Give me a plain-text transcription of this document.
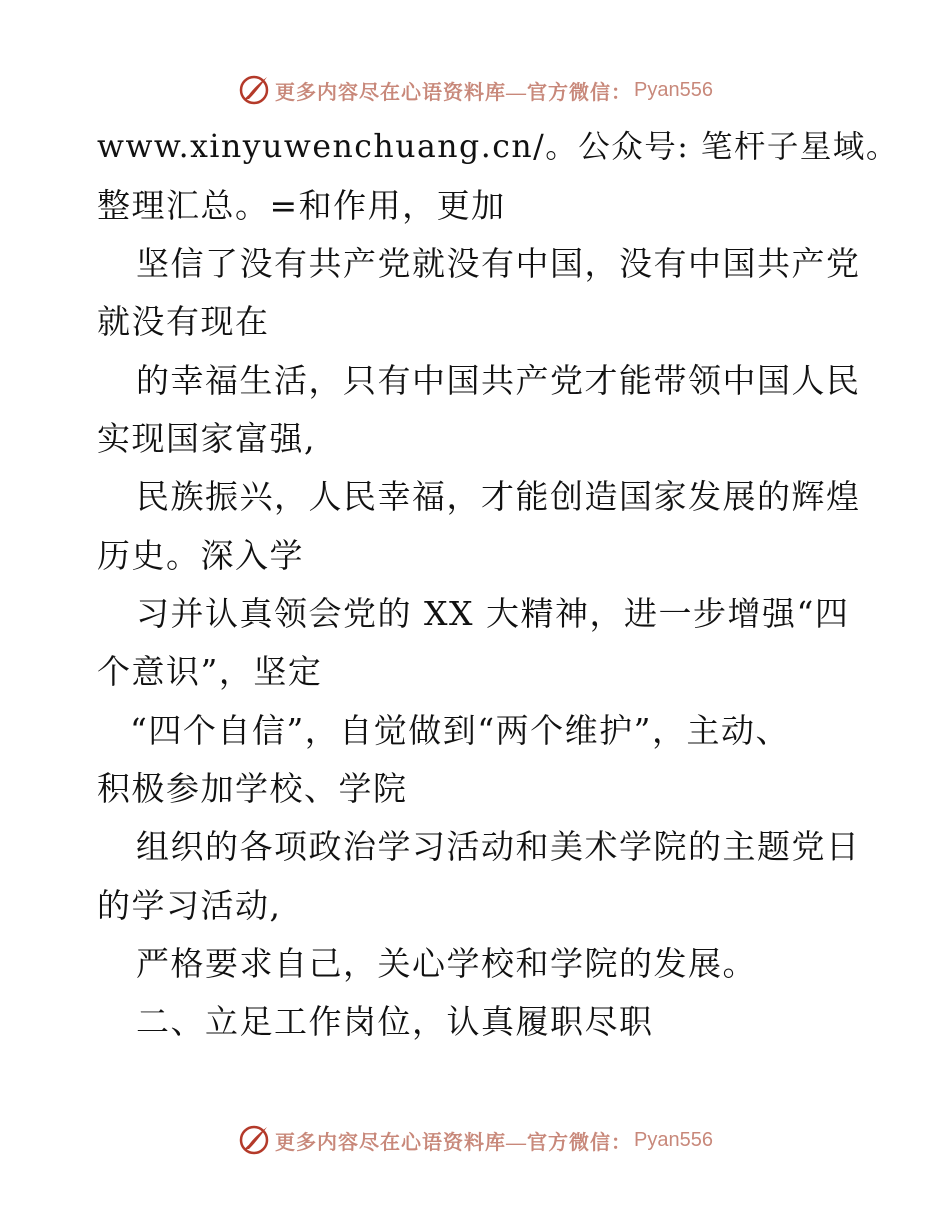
更多内容尽在心语资料库—官方微信： Pyan556
www.xinyuwenchuang.cn/。公众号: 笔杆子星域。
整理汇总。=和作用，更加
坚信了没有共产党就没有中国，没有中国共产党
就没有现在
的幸福生活，只有中国共产党才能带领中国人民
实现国家富强,
民族振兴，人民幸福，才能创造国家发展的辉煌
历史。深入学
习并认真领会党的 XX 大精神，进一步增强“四
个意识”，坚定
“四个自信”，自觉做到“两个维护”，主动、
积极参加学校、学院
组织的各项政治学习活动和美术学院的主题党日
的学习活动,
严格要求自己，关心学校和学院的发展。
二、立足工作岗位，认真履职尽职
更多内容尽在心语资料库—官方微信： Pyan556
